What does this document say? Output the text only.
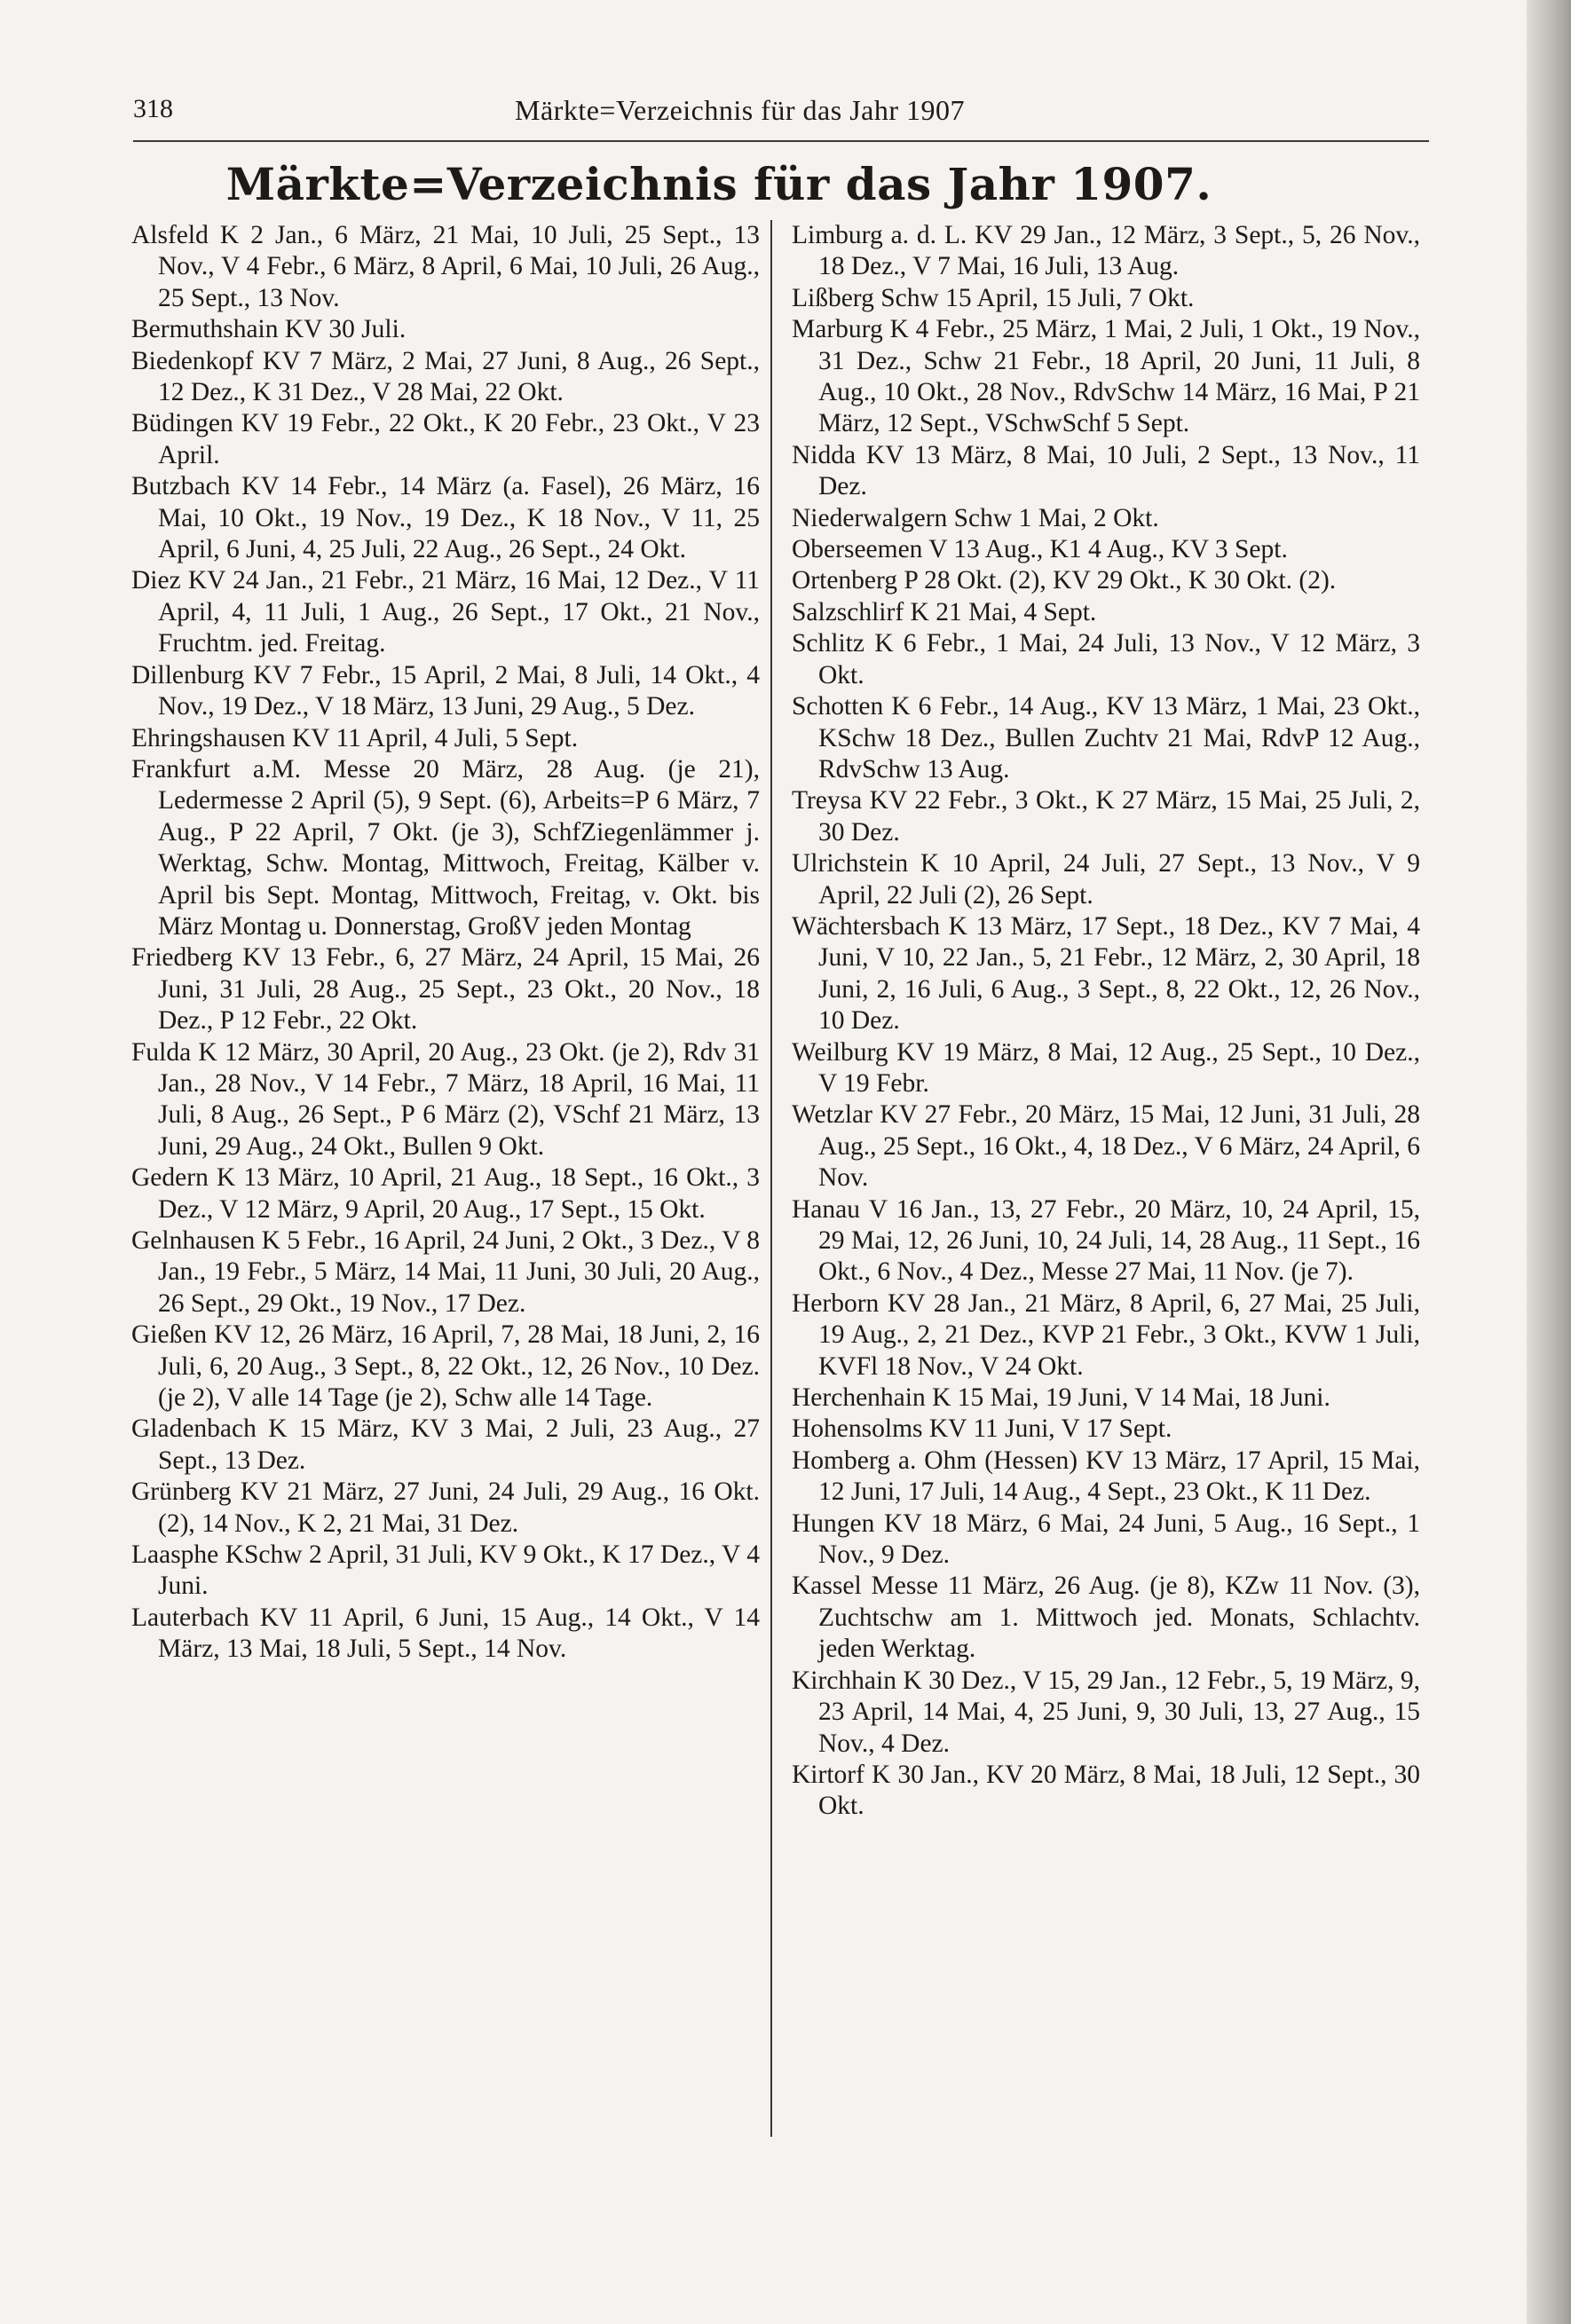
318	Märkte=Verzeichnis für das Jahr 1907
Märkte=Verzeichnis für das Jahr 1907.
Alsfeld K 2 Jan., 6 März, 21 Mai, 10 Juli, 25 Sept., 13 Nov., V 4 Febr., 6 März, 8 April, 6 Mai, 10 Juli, 26 Aug., 25 Sept., 13 Nov.
Bermuthshain KV 30 Juli.
Biedenkopf KV 7 März, 2 Mai, 27 Juni, 8 Aug., 26 Sept., 12 Dez., K 31 Dez., V 28 Mai, 22 Okt.
Büdingen KV 19 Febr., 22 Okt., K 20 Febr., 23 Okt., V 23 April.
Butzbach KV 14 Febr., 14 März (a. Fasel), 26 März, 16 Mai, 10 Okt., 19 Nov., 19 Dez., K 18 Nov., V 11, 25 April, 6 Juni, 4, 25 Juli, 22 Aug., 26 Sept., 24 Okt.
Diez KV 24 Jan., 21 Febr., 21 März, 16 Mai, 12 Dez., V 11 April, 4, 11 Juli, 1 Aug., 26 Sept., 17 Okt., 21 Nov., Fruchtm. jed. Freitag.
Dillenburg KV 7 Febr., 15 April, 2 Mai, 8 Juli, 14 Okt., 4 Nov., 19 Dez., V 18 März, 13 Juni, 29 Aug., 5 Dez.
Ehringshausen KV 11 April, 4 Juli, 5 Sept.
Frankfurt a.M. Messe 20 März, 28 Aug. (je 21), Ledermesse 2 April (5), 9 Sept. (6), Arbeits=P 6 März, 7 Aug., P 22 April, 7 Okt. (je 3), SchfZiegenlämmer j. Werktag, Schw. Montag, Mittwoch, Freitag, Kälber v. April bis Sept. Montag, Mittwoch, Freitag, v. Okt. bis März Montag u. Donnerstag, GroßV jeden Montag
Friedberg KV 13 Febr., 6, 27 März, 24 April, 15 Mai, 26 Juni, 31 Juli, 28 Aug., 25 Sept., 23 Okt., 20 Nov., 18 Dez., P 12 Febr., 22 Okt.
Fulda K 12 März, 30 April, 20 Aug., 23 Okt. (je 2), Rdv 31 Jan., 28 Nov., V 14 Febr., 7 März, 18 April, 16 Mai, 11 Juli, 8 Aug., 26 Sept., P 6 März (2), VSchf 21 März, 13 Juni, 29 Aug., 24 Okt., Bullen 9 Okt.
Gedern K 13 März, 10 April, 21 Aug., 18 Sept., 16 Okt., 3 Dez., V 12 März, 9 April, 20 Aug., 17 Sept., 15 Okt.
Gelnhausen K 5 Febr., 16 April, 24 Juni, 2 Okt., 3 Dez., V 8 Jan., 19 Febr., 5 März, 14 Mai, 11 Juni, 30 Juli, 20 Aug., 26 Sept., 29 Okt., 19 Nov., 17 Dez.
Gießen KV 12, 26 März, 16 April, 7, 28 Mai, 18 Juni, 2, 16 Juli, 6, 20 Aug., 3 Sept., 8, 22 Okt., 12, 26 Nov., 10 Dez. (je 2), V alle 14 Tage (je 2), Schw alle 14 Tage.
Gladenbach K 15 März, KV 3 Mai, 2 Juli, 23 Aug., 27 Sept., 13 Dez.
Grünberg KV 21 März, 27 Juni, 24 Juli, 29 Aug., 16 Okt. (2), 14 Nov., K 2, 21 Mai, 31 Dez.
Laasphe KSchw 2 April, 31 Juli, KV 9 Okt., K 17 Dez., V 4 Juni.
Lauterbach KV 11 April, 6 Juni, 15 Aug., 14 Okt., V 14 März, 13 Mai, 18 Juli, 5 Sept., 14 Nov.
Limburg a. d. L. KV 29 Jan., 12 März, 3 Sept., 5, 26 Nov., 18 Dez., V 7 Mai, 16 Juli, 13 Aug.
Lißberg Schw 15 April, 15 Juli, 7 Okt.
Marburg K 4 Febr., 25 März, 1 Mai, 2 Juli, 1 Okt., 19 Nov., 31 Dez., Schw 21 Febr., 18 April, 20 Juni, 11 Juli, 8 Aug., 10 Okt., 28 Nov., RdvSchw 14 März, 16 Mai, P 21 März, 12 Sept., VSchwSchf 5 Sept.
Nidda KV 13 März, 8 Mai, 10 Juli, 2 Sept., 13 Nov., 11 Dez.
Niederwalgern Schw 1 Mai, 2 Okt.
Oberseemen V 13 Aug., K1 4 Aug., KV 3 Sept.
Ortenberg P 28 Okt. (2), KV 29 Okt., K 30 Okt. (2).
Salzschlirf K 21 Mai, 4 Sept.
Schlitz K 6 Febr., 1 Mai, 24 Juli, 13 Nov., V 12 März, 3 Okt.
Schotten K 6 Febr., 14 Aug., KV 13 März, 1 Mai, 23 Okt., KSchw 18 Dez., Bullen Zuchtv 21 Mai, RdvP 12 Aug., RdvSchw 13 Aug.
Treysa KV 22 Febr., 3 Okt., K 27 März, 15 Mai, 25 Juli, 2, 30 Dez.
Ulrichstein K 10 April, 24 Juli, 27 Sept., 13 Nov., V 9 April, 22 Juli (2), 26 Sept.
Wächtersbach K 13 März, 17 Sept., 18 Dez., KV 7 Mai, 4 Juni, V 10, 22 Jan., 5, 21 Febr., 12 März, 2, 30 April, 18 Juni, 2, 16 Juli, 6 Aug., 3 Sept., 8, 22 Okt., 12, 26 Nov., 10 Dez.
Weilburg KV 19 März, 8 Mai, 12 Aug., 25 Sept., 10 Dez., V 19 Febr.
Wetzlar KV 27 Febr., 20 März, 15 Mai, 12 Juni, 31 Juli, 28 Aug., 25 Sept., 16 Okt., 4, 18 Dez., V 6 März, 24 April, 6 Nov.
Hanau V 16 Jan., 13, 27 Febr., 20 März, 10, 24 April, 15, 29 Mai, 12, 26 Juni, 10, 24 Juli, 14, 28 Aug., 11 Sept., 16 Okt., 6 Nov., 4 Dez., Messe 27 Mai, 11 Nov. (je 7).
Herborn KV 28 Jan., 21 März, 8 April, 6, 27 Mai, 25 Juli, 19 Aug., 2, 21 Dez., KVP 21 Febr., 3 Okt., KVW 1 Juli, KVFl 18 Nov., V 24 Okt.
Herchenhain K 15 Mai, 19 Juni, V 14 Mai, 18 Juni.
Hohensolms KV 11 Juni, V 17 Sept.
Homberg a. Ohm (Hessen) KV 13 März, 17 April, 15 Mai, 12 Juni, 17 Juli, 14 Aug., 4 Sept., 23 Okt., K 11 Dez.
Hungen KV 18 März, 6 Mai, 24 Juni, 5 Aug., 16 Sept., 1 Nov., 9 Dez.
Kassel Messe 11 März, 26 Aug. (je 8), KZw 11 Nov. (3), Zuchtschw am 1. Mittwoch jed. Monats, Schlachtv. jeden Werktag.
Kirchhain K 30 Dez., V 15, 29 Jan., 12 Febr., 5, 19 März, 9, 23 April, 14 Mai, 4, 25 Juni, 9, 30 Juli, 13, 27 Aug., 15 Nov., 4 Dez.
Kirtorf K 30 Jan., KV 20 März, 8 Mai, 18 Juli, 12 Sept., 30 Okt.
